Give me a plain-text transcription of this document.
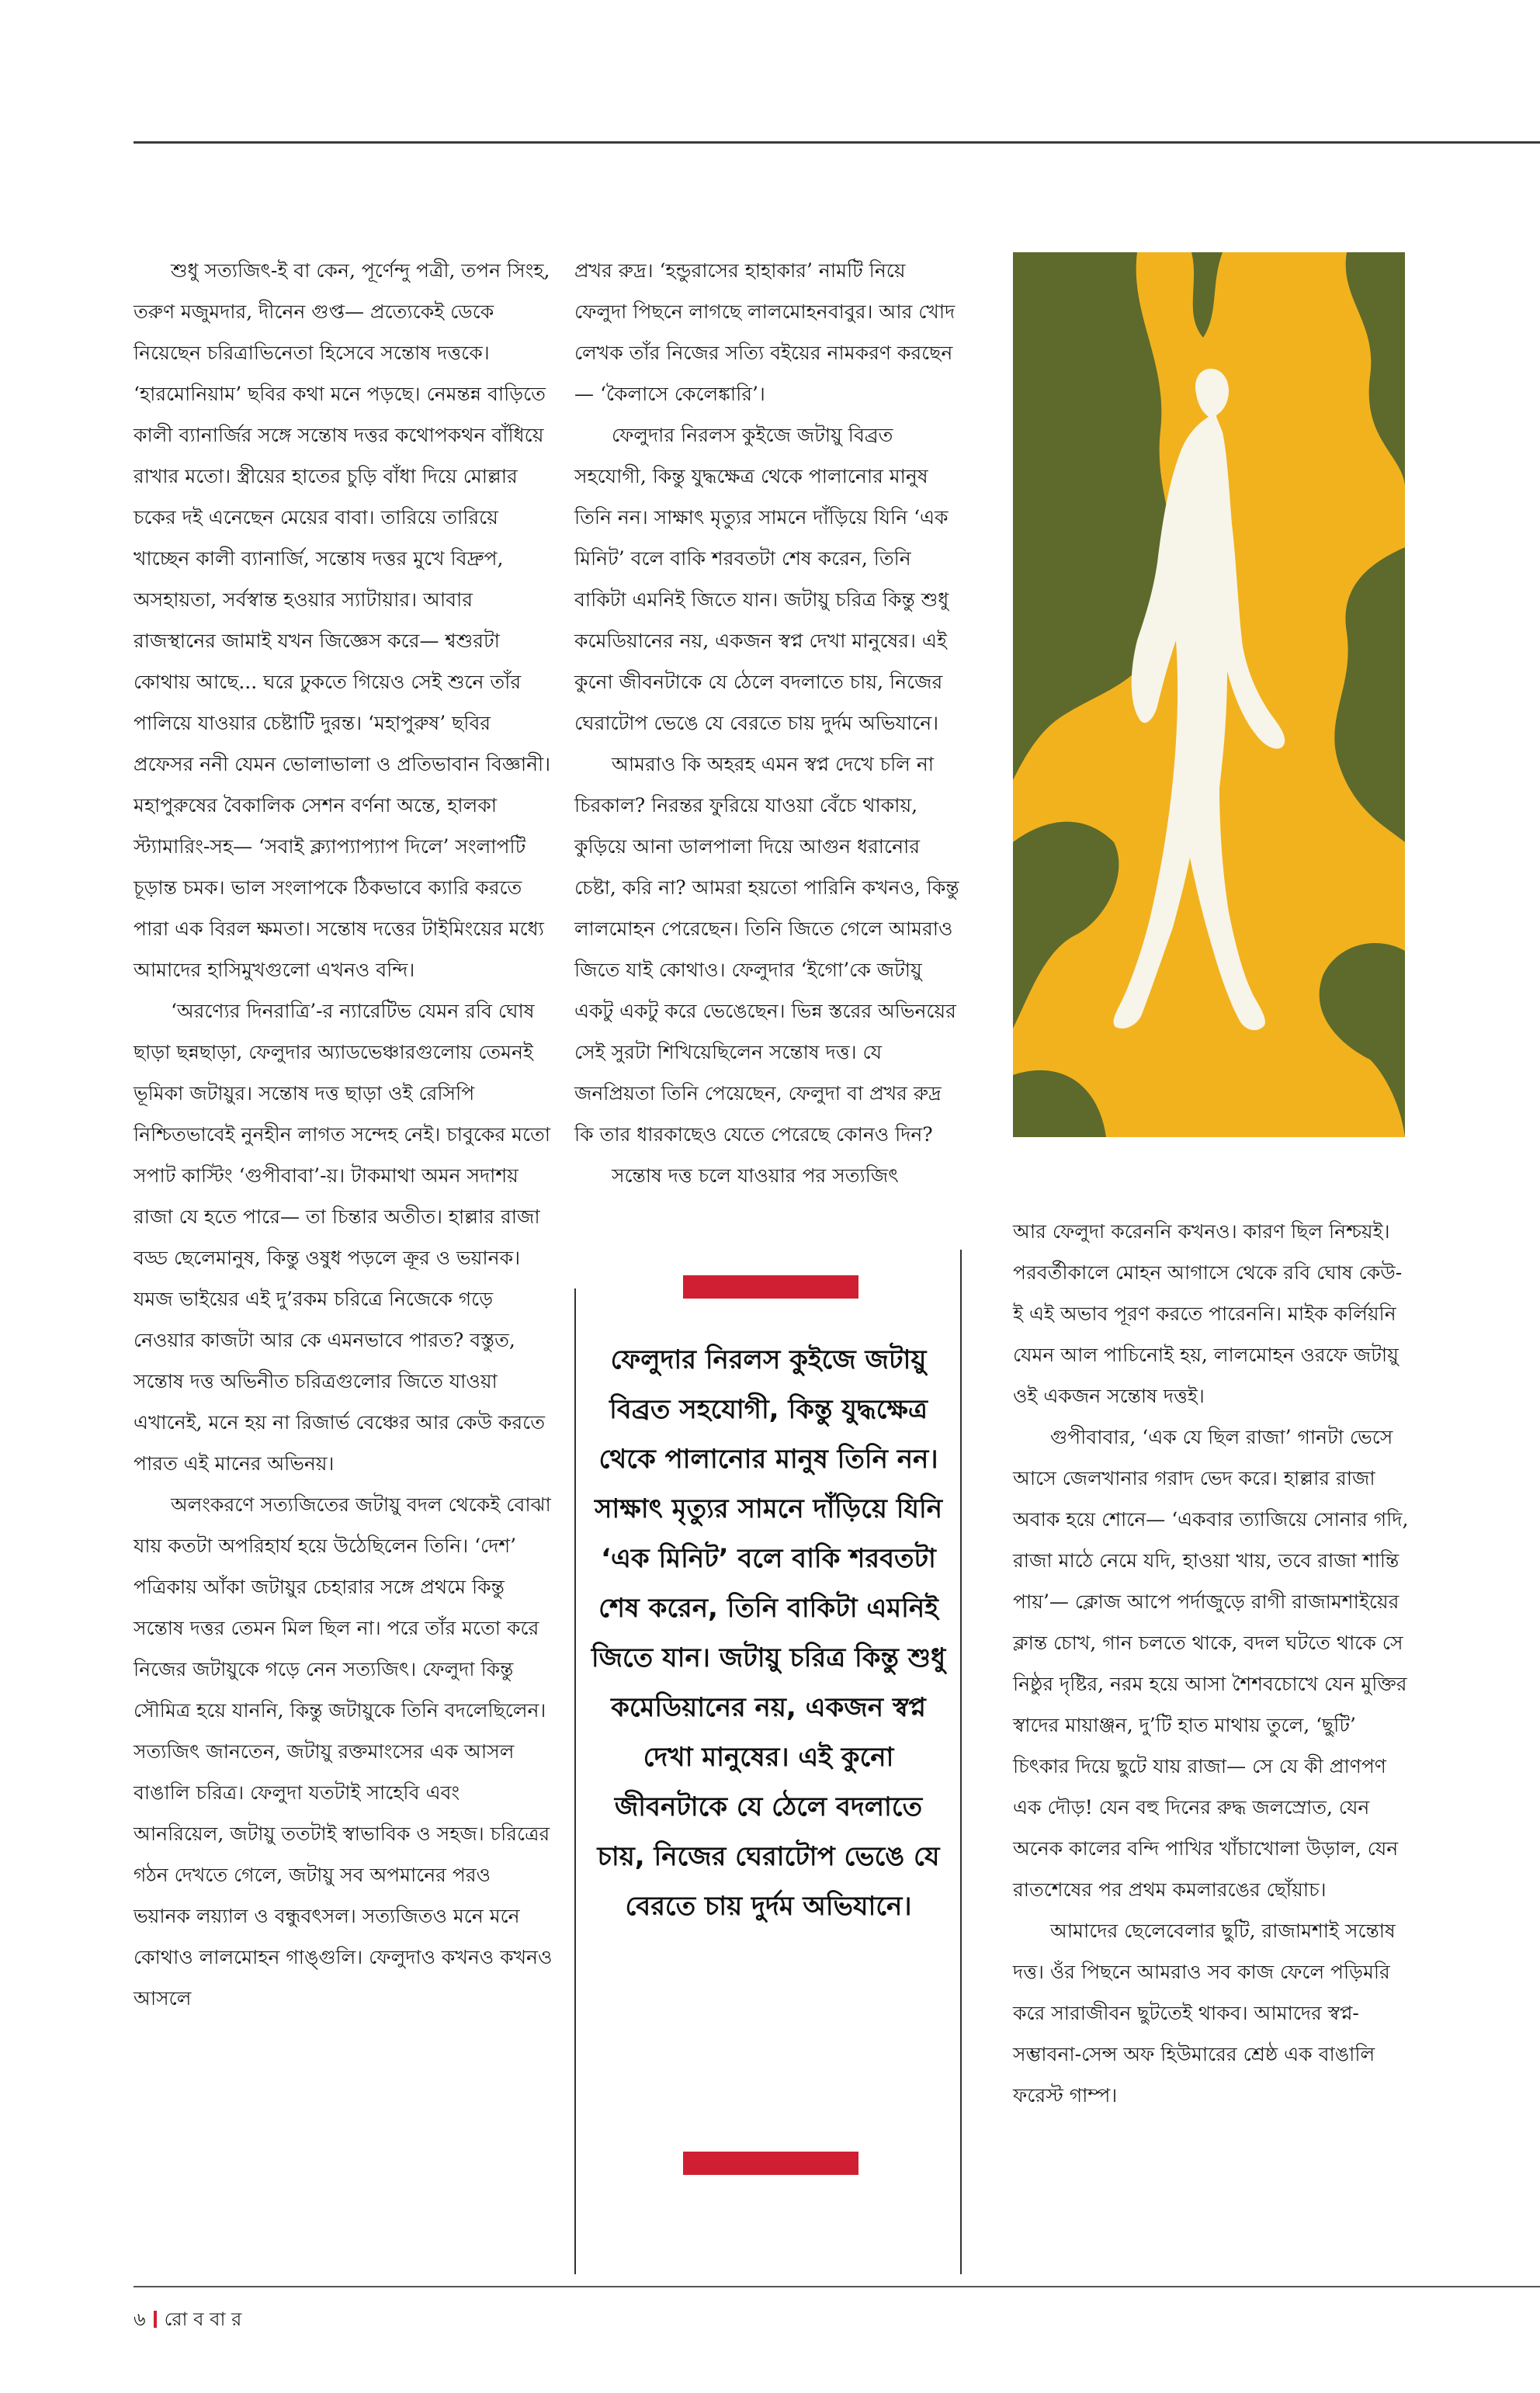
শুধু সত্যজিৎ-ই বা কেন, পূর্ণেন্দু পত্রী, তপন সিংহ, তরুণ মজুমদার, দীনেন গুপ্ত— প্রত্যেকেই ডেকে নিয়েছেন চরিত্রাভিনেতা হিসেবে সন্তোষ দত্তকে। ‘হারমোনিয়াম’ ছবির কথা মনে পড়ছে। নেমন্তন্ন বাড়িতে কালী ব্যানার্জির সঙ্গে সন্তোষ দত্তর কথোপকথন বাঁধিয়ে রাখার মতো। স্ত্রীয়ের হাতের চুড়ি বাঁধা দিয়ে মোল্লার চকের দই এনেছেন মেয়ের বাবা। তারিয়ে তারিয়ে খাচ্ছেন কালী ব্যানার্জি, সন্তোষ দত্তর মুখে বিদ্রুপ, অসহায়তা, সর্বস্বান্ত হওয়ার স্যাটায়ার। আবার রাজস্থানের জামাই যখন জিজ্ঞেস করে— শ্বশুরটা কোথায় আছে... ঘরে ঢুকতে গিয়েও সেই শুনে তাঁর পালিয়ে যাওয়ার চেষ্টাটি দুরন্ত। ‘মহাপুরুষ’ ছবির প্রফেসর ননী যেমন ভোলাভালা ও প্রতিভাবান বিজ্ঞানী। মহাপুরুষের বৈকালিক সেশন বর্ণনা অন্তে, হালকা স্ট্যামারিং-সহ— ‘সবাই ক্ল্যাপ্যাপ্যাপ দিলে’ সংলাপটি চূড়ান্ত চমক। ভাল সংলাপকে ঠিকভাবে ক্যারি করতে পারা এক বিরল ক্ষমতা। সন্তোষ দত্তের টাইমিংয়ের মধ্যে আমাদের হাসিমুখগুলো এখনও বন্দি।

‘অরণ্যের দিনরাত্রি’-র ন্যারেটিভ যেমন রবি ঘোষ ছাড়া ছন্নছাড়া, ফেলুদার অ্যাডভেঞ্চারগুলোয় তেমনই ভূমিকা জটায়ুর। সন্তোষ দত্ত ছাড়া ওই রেসিপি নিশ্চিতভাবেই নুনহীন লাগত সন্দেহ নেই। চাবুকের মতো সপাট কাস্টিং ‘গুপীবাবা’-য়। টাকমাথা অমন সদাশয় রাজা যে হতে পারে— তা চিন্তার অতীত। হাল্লার রাজা বড্ড ছেলেমানুষ, কিন্তু ওষুধ পড়লে ক্রূর ও ভয়ানক। যমজ ভাইয়ের এই দু’রকম চরিত্রে নিজেকে গড়ে নেওয়ার কাজটা আর কে এমনভাবে পারত? বস্তুত, সন্তোষ দত্ত অভিনীত চরিত্রগুলোর জিতে যাওয়া এখানেই, মনে হয় না রিজার্ভ বেঞ্চের আর কেউ করতে পারত এই মানের অভিনয়।

অলংকরণে সত্যজিতের জটায়ু বদল থেকেই বোঝা যায় কতটা অপরিহার্য হয়ে উঠেছিলেন তিনি। ‘দেশ’ পত্রিকায় আঁকা জটায়ুর চেহারার সঙ্গে প্রথমে কিন্তু সন্তোষ দত্তর তেমন মিল ছিল না। পরে তাঁর মতো করে নিজের জটায়ুকে গড়ে নেন সত্যজিৎ। ফেলুদা কিন্তু সৌমিত্র হয়ে যাননি, কিন্তু জটায়ুকে তিনি বদলেছিলেন। সত্যজিৎ জানতেন, জটায়ু রক্তমাংসের এক আসল বাঙালি চরিত্র। ফেলুদা যতটাই সাহেবি এবং আনরিয়েল, জটায়ু ততটাই স্বাভাবিক ও সহজ। চরিত্রের গঠন দেখতে গেলে, জটায়ু সব অপমানের পরও ভয়ানক লয়্যাল ও বন্ধুবৎসল। সত্যজিতও মনে মনে কোথাও লালমোহন গাঙ্গুলি। ফেলুদাও কখনও কখনও আসলে

প্রখর রুদ্র। ‘হন্ডুরাসের হাহাকার’ নামটি নিয়ে ফেলুদা পিছনে লাগছে লালমোহনবাবুর। আর খোদ লেখক তাঁর নিজের সত্যি বইয়ের নামকরণ করছেন— ‘কৈলাসে কেলেঙ্কারি’।

ফেলুদার নিরলস কুইজে জটায়ু বিব্রত সহযোগী, কিন্তু যুদ্ধক্ষেত্র থেকে পালানোর মানুষ তিনি নন। সাক্ষাৎ মৃত্যুর সামনে দাঁড়িয়ে যিনি ‘এক মিনিট’ বলে বাকি শরবতটা শেষ করেন, তিনি বাকিটা এমনিই জিতে যান। জটায়ু চরিত্র কিন্তু শুধু কমেডিয়ানের নয়, একজন স্বপ্ন দেখা মানুষের। এই কুনো জীবনটাকে যে ঠেলে বদলাতে চায়, নিজের ঘেরাটোপ ভেঙে যে বেরতে চায় দুর্দম অভিযানে।

আমরাও কি অহরহ এমন স্বপ্ন দেখে চলি না চিরকাল? নিরন্তর ফুরিয়ে যাওয়া বেঁচে থাকায়, কুড়িয়ে আনা ডালপালা দিয়ে আগুন ধরানোর চেষ্টা, করি না? আমরা হয়তো পারিনি কখনও, কিন্তু লালমোহন পেরেছেন। তিনি জিতে গেলে আমরাও জিতে যাই কোথাও। ফেলুদার ‘ইগো’কে জটায়ু একটু একটু করে ভেঙেছেন। ভিন্ন স্তরের অভিনয়ের সেই সুরটা শিখিয়েছিলেন সন্তোষ দত্ত। যে জনপ্রিয়তা তিনি পেয়েছেন, ফেলুদা বা প্রখর রুদ্র কি তার ধারকাছেও যেতে পেরেছে কোনও দিন?

সন্তোষ দত্ত চলে যাওয়ার পর সত্যজিৎ

ফেলুদার নিরলস কুইজে জটায়ু বিব্রত সহযোগী, কিন্তু যুদ্ধক্ষেত্র থেকে পালানোর মানুষ তিনি নন। সাক্ষাৎ মৃত্যুর সামনে দাঁড়িয়ে যিনি ‘এক মিনিট’ বলে বাকি শরবতটা শেষ করেন, তিনি বাকিটা এমনিই জিতে যান। জটায়ু চরিত্র কিন্তু শুধু কমেডিয়ানের নয়, একজন স্বপ্ন দেখা মানুষের। এই কুনো জীবনটাকে যে ঠেলে বদলাতে চায়, নিজের ঘেরাটোপ ভেঙে যে বেরতে চায় দুর্দম অভিযানে।

আর ফেলুদা করেননি কখনও। কারণ ছিল নিশ্চয়ই। পরবর্তীকালে মোহন আগাসে থেকে রবি ঘোষ কেউ-ই এই অভাব পূরণ করতে পারেননি। মাইক কর্লিয়নি যেমন আল পাচিনোই হয়, লালমোহন ওরফে জটায়ু ওই একজন সন্তোষ দত্তই।

গুপীবাবার, ‘এক যে ছিল রাজা’ গানটা ভেসে আসে জেলখানার গরাদ ভেদ করে। হাল্লার রাজা অবাক হয়ে শোনে— ‘একবার ত্যাজিয়ে সোনার গদি, রাজা মাঠে নেমে যদি, হাওয়া খায়, তবে রাজা শান্তি পায়’— ক্লোজ আপে পর্দাজুড়ে রাগী রাজামশাইয়ের ক্লান্ত চোখ, গান চলতে থাকে, বদল ঘটতে থাকে সে নিষ্ঠুর দৃষ্টির, নরম হয়ে আসা শৈশবচোখে যেন মুক্তির স্বাদের মায়াঞ্জন, দু’টি হাত মাথায় তুলে, ‘ছুটি’ চিৎকার দিয়ে ছুটে যায় রাজা— সে যে কী প্রাণপণ এক দৌড়! যেন বহু দিনের রুদ্ধ জলস্রোত, যেন অনেক কালের বন্দি পাখির খাঁচাখোলা উড়াল, যেন রাতশেষের পর প্রথম কমলারঙের ছোঁয়াচ।

আমাদের ছেলেবেলার ছুটি, রাজামশাই সন্তোষ দত্ত। ওঁর পিছনে আমরাও সব কাজ ফেলে পড়িমরি করে সারাজীবন ছুটতেই থাকব। আমাদের স্বপ্ন-সম্ভাবনা-সেন্স অফ হিউমারের শ্রেষ্ঠ এক বাঙালি ফরেস্ট গাম্প।

৬ রো ব বা র
